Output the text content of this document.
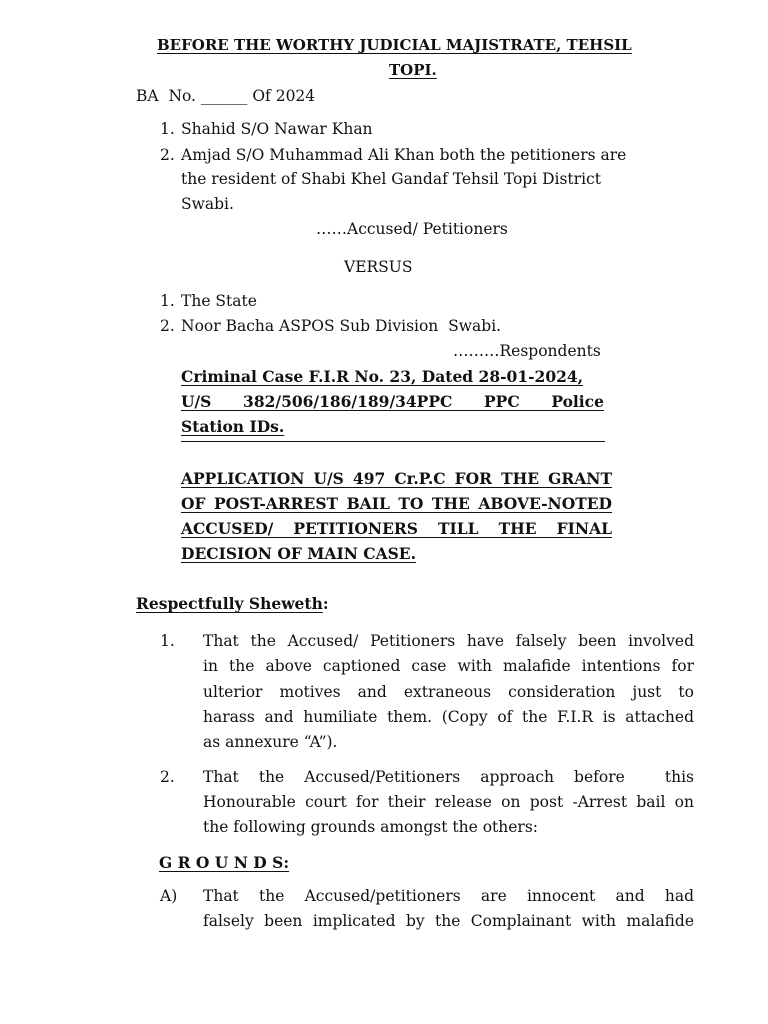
BEFORE THE WORTHY JUDICIAL MAJISTRATE, TEHSIL
TOPI.
BA  No. ______ Of 2024
1. Shahid S/O Nawar Khan
2. Amjad S/O Muhammad Ali Khan both the petitioners are
the resident of Shabi Khel Gandaf Tehsil Topi District
Swabi.
……Accused/ Petitioners
VERSUS
1. The State
2. Noor Bacha ASPOS Sub Division  Swabi.
………Respondents
Criminal Case F.I.R No. 23, Dated 28-01-2024,
U/S 382/506/186/189/34PPC PPC Police
Station IDs.
APPLICATION U/S 497 Cr.P.C FOR THE GRANT
OF POST-ARREST BAIL TO THE ABOVE-NOTED
ACCUSED/ PETITIONERS TILL THE FINAL
DECISION OF MAIN CASE.
Respectfully Sheweth:
1. That the Accused/ Petitioners have falsely been involved
in the above captioned case with malafide intentions for
ulterior motives and extraneous consideration just to
harass and humiliate them. (Copy of the F.I.R is attached
as annexure “A”).
2. That the Accused/Petitioners approach before  this
Honourable court for their release on post -Arrest bail on
the following grounds amongst the others:
G R O U N D S:
A) That the Accused/petitioners are innocent and had
falsely been implicated by the Complainant with malafide
